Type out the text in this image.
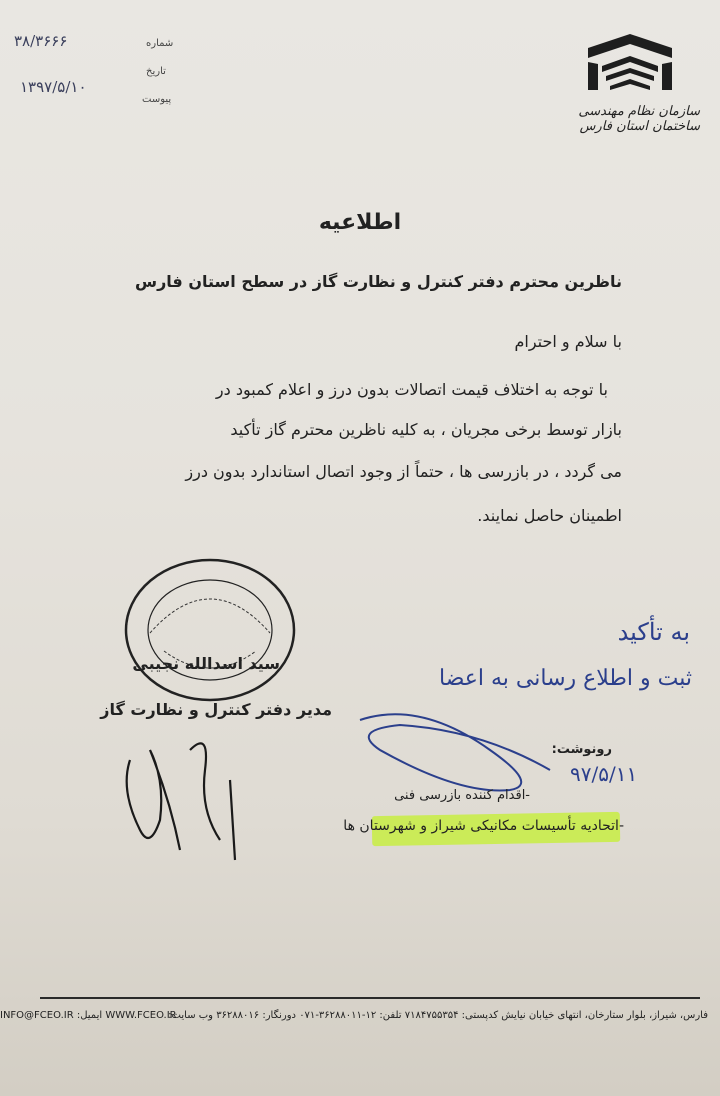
سازمان نظام مهندسی ساختمان استان فارس
شماره
۳۸/۳۶۶۶
تاریخ
۱۳۹۷/۵/۱۰
پیوست
اطلاعیه
ناظرین محترم دفتر کنترل و نظارت گاز در سطح استان فارس
با سلام و احترام
با توجه به اختلاف قیمت اتصالات بدون درز و اعلام کمبود در
بازار توسط برخی مجریان ، به کلیه ناظرین محترم گاز تأکید
می گردد ، در بازرسی ها ، حتماً از وجود اتصال استاندارد بدون درز
اطمینان حاصل نمایند.
سید اسدالله نجیبی
مدیر دفتر کنترل و نظارت گاز
به تأکید
ثبت و اطلاع رسانی به اعضا
۹۷/۵/۱۱
رونوشت:
-اقدام کننده بازرسی فنی
-اتحادیه تأسیسات مکانیکی شیراز و شهرستان ها
فارس، شیراز، بلوار ستارخان، انتهای خیابان نیایش کدپستی: ۷۱۸۴۷۵۵۳۵۴ تلفن: ۱۲-۳۶۲۸۸۰۱۱-۰۷۱ دورنگار: ۳۶۲۸۸۰۱۶ وب سایت:
INFO@FCEO.IR ایمیل: WWW.FCEO.IR
